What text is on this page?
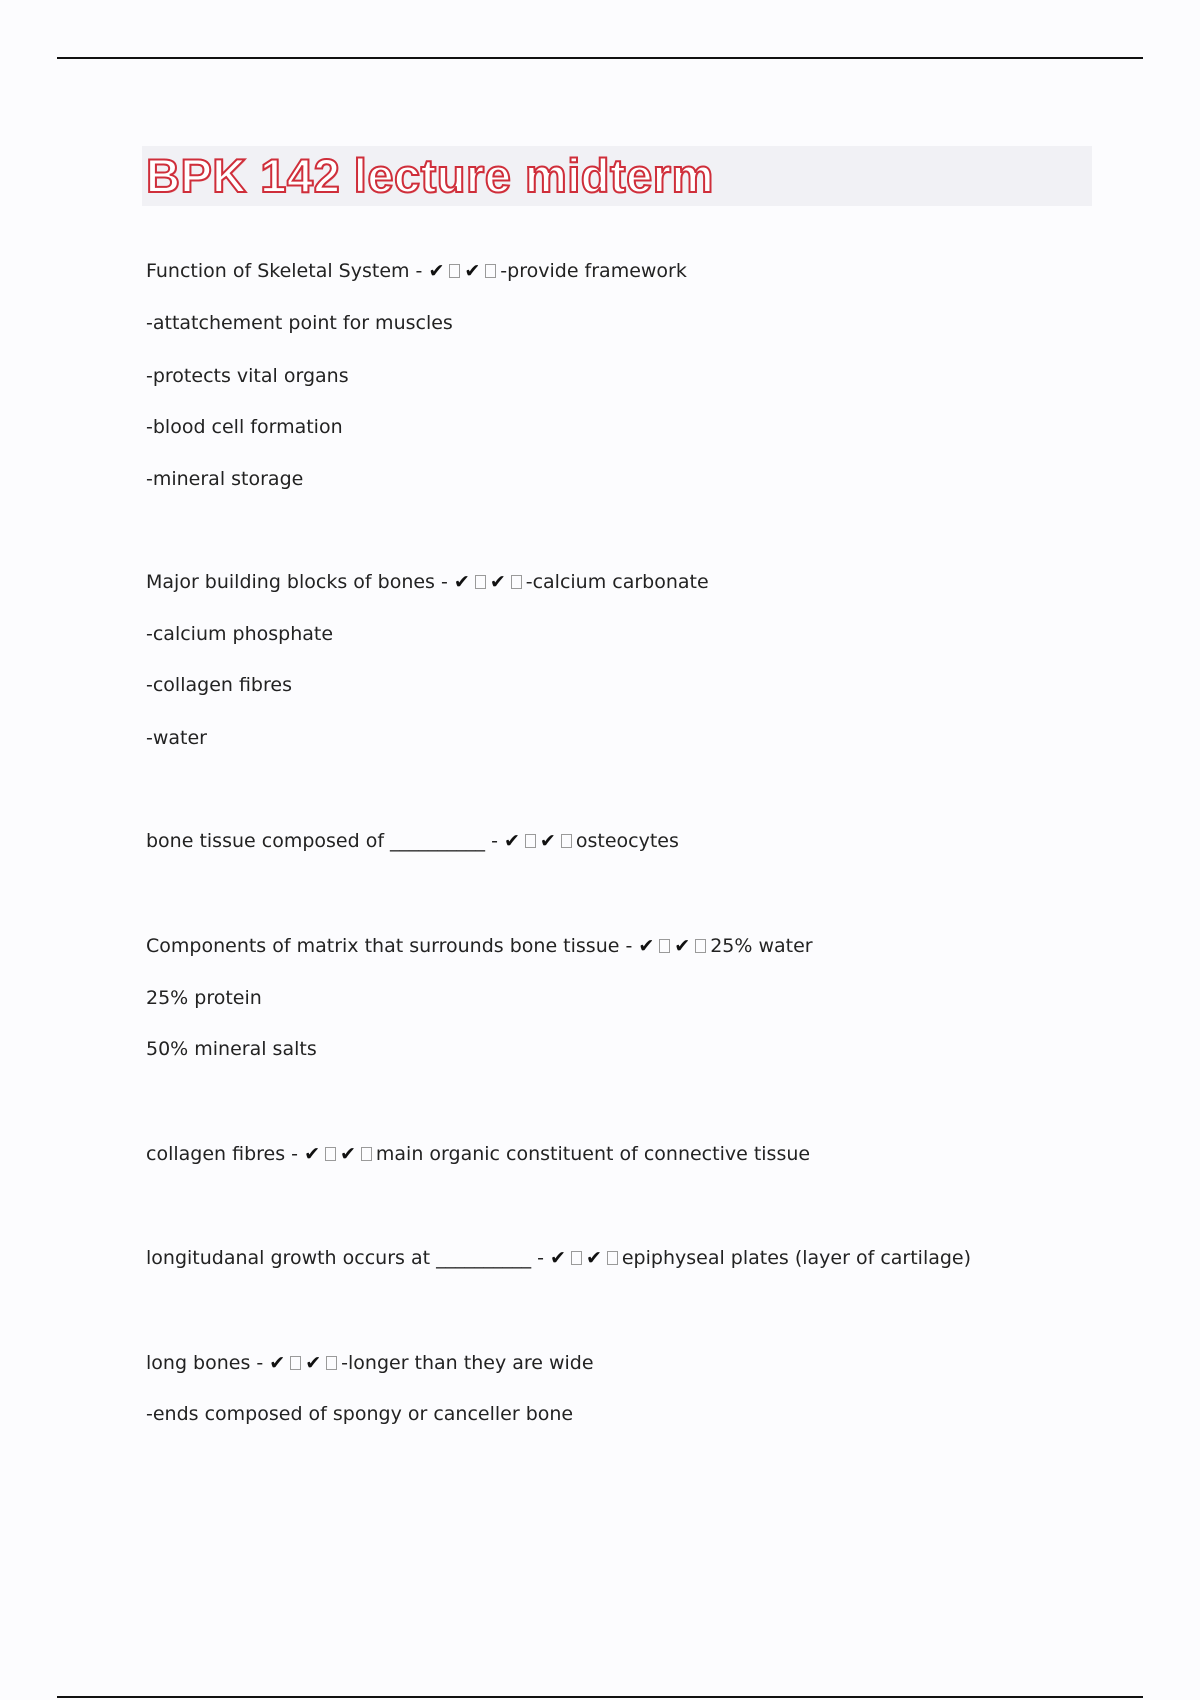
BPK 142 lecture midterm

Function of Skeletal System - ✔ ✔ -provide framework

-attatchement point for muscles

-protects vital organs

-blood cell formation

-mineral storage

Major building blocks of bones - ✔ ✔ -calcium carbonate

-calcium phosphate

-collagen fibres

-water

bone tissue composed of __________ - ✔ ✔ osteocytes

Components of matrix that surrounds bone tissue - ✔ ✔ 25% water

25% protein

50% mineral salts

collagen fibres - ✔ ✔ main organic constituent of connective tissue

longitudanal growth occurs at __________ - ✔ ✔ epiphyseal plates (layer of cartilage)

long bones - ✔ ✔ -longer than they are wide

-ends composed of spongy or canceller bone
